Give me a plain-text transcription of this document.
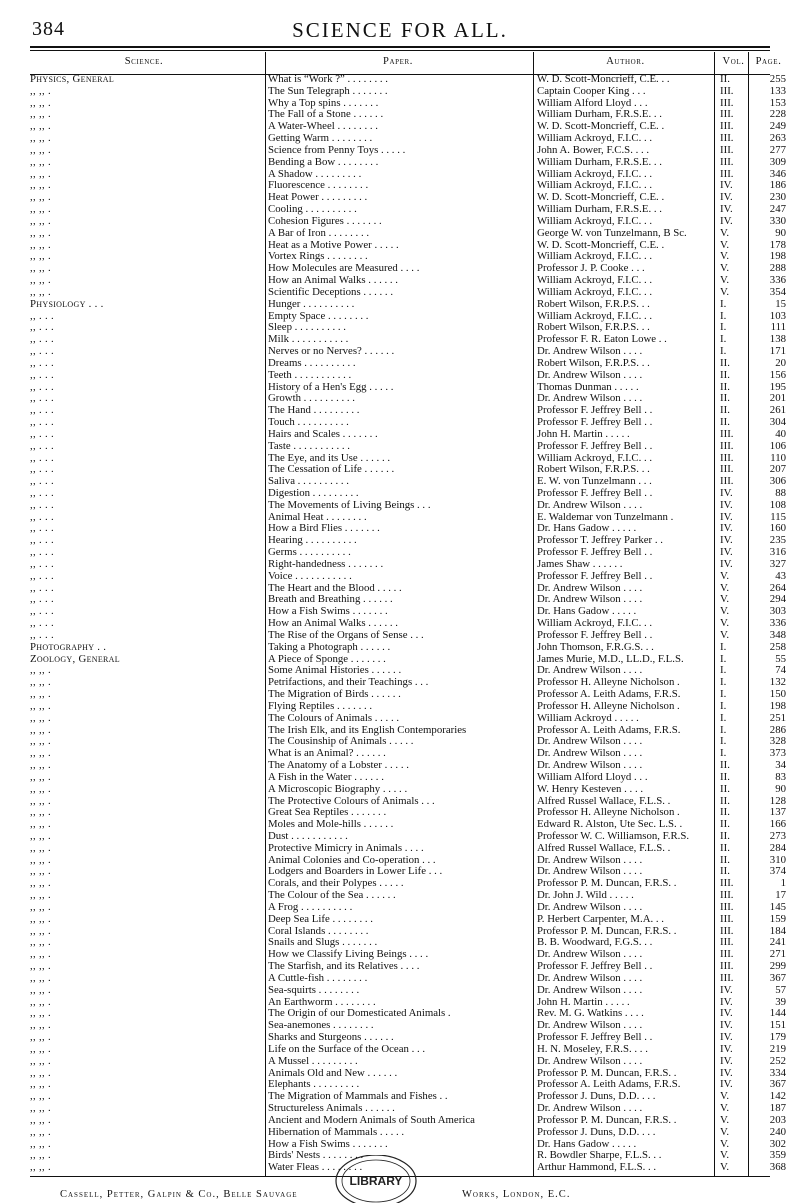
384	SCIENCE FOR ALL.
Science.	Paper.	Author.	Vol.	Page.
Physics, General	What is “Work ?” . . . . . . . .	W. D. Scott-Moncrieff, C.E. . .	II.	255
,, ,, .	The Sun Telegraph . . . . . . .	Captain Cooper King . . .	III.	133
,, ,, .	Why a Top spins . . . . . . .	William Alford Lloyd . . .	III.	153
,, ,, .	The Fall of a Stone . . . . . .	William Durham, F.R.S.E. . .	III.	228
,, ,, .	A Water-Wheel . . . . . . . .	W. D. Scott-Moncrieff, C.E. .	III.	249
,, ,, .	Getting Warm . . . . . . . .	William Ackroyd, F.I.C. . .	III.	263
,, ,, .	Science from Penny Toys . . . . .	John A. Bower, F.C.S. . . .	III.	277
,, ,, .	Bending a Bow . . . . . . . .	William Durham, F.R.S.E. . .	III.	309
,, ,, .	A Shadow . . . . . . . . .	William Ackroyd, F.I.C. . .	III.	346
,, ,, .	Fluorescence . . . . . . . .	William Ackroyd, F.I.C. . .	IV.	186
,, ,, .	Heat Power . . . . . . . . .	W. D. Scott-Moncrieff, C.E. .	IV.	230
,, ,, .	Cooling . . . . . . . . . .	William Durham, F.R.S.E. . .	IV.	247
,, ,, .	Cohesion Figures . . . . . . .	William Ackroyd, F.I.C. . .	IV.	330
,, ,, .	A Bar of Iron . . . . . . . .	George W. von Tunzelmann, B Sc.	V.	90
,, ,, .	Heat as a Motive Power . . . . .	W. D. Scott-Moncrieff, C.E. .	V.	178
,, ,, .	Vortex Rings . . . . . . . .	William Ackroyd, F.I.C. . .	V.	198
,, ,, .	How Molecules are Measured . . . .	Professor J. P. Cooke . . .	V.	288
,, ,, .	How an Animal Walks . . . . . .	William Ackroyd, F.I.C. . .	V.	336
,, ,, .	Scientific Deceptions . . . . . .	William Ackroyd, F.I.C. . .	V.	354
Physiology . . .	Hunger . . . . . . . . . .	Robert Wilson, F.R.P.S. . .	I.	15
,, . . .	Empty Space . . . . . . . .	William Ackroyd, F.I.C. . .	I.	103
,, . . .	Sleep . . . . . . . . . .	Robert Wilson, F.R.P.S. . .	I.	111
,, . . .	Milk . . . . . . . . . . .	Professor F. R. Eaton Lowe . .	I.	138
,, . . .	Nerves or no Nerves? . . . . . .	Dr. Andrew Wilson . . . .	I.	171
,, . . .	Dreams . . . . . . . . . .	Robert Wilson, F.R.P.S. . .	II.	20
,, . . .	Teeth . . . . . . . . . . .	Dr. Andrew Wilson . . . .	II.	156
,, . . .	History of a Hen's Egg . . . . .	Thomas Dunman . . . . .	II.	195
,, . . .	Growth . . . . . . . . . .	Dr. Andrew Wilson . . . .	II.	201
,, . . .	The Hand . . . . . . . . .	Professor F. Jeffrey Bell . .	II.	261
,, . . .	Touch . . . . . . . . . .	Professor F. Jeffrey Bell . .	II.	304
,, . . .	Hairs and Scales . . . . . . .	John H. Martin . . . . .	III.	40
,, . . .	Taste . . . . . . . . . . .	Professor F. Jeffrey Bell . .	III.	106
,, . . .	The Eye, and its Use . . . . . .	William Ackroyd, F.I.C. . .	III.	110
,, . . .	The Cessation of Life . . . . . .	Robert Wilson, F.R.P.S. . .	III.	207
,, . . .	Saliva . . . . . . . . . .	E. W. von Tunzelmann . . .	III.	306
,, . . .	Digestion . . . . . . . . .	Professor F. Jeffrey Bell . .	IV.	88
,, . . .	The Movements of Living Beings . . .	Dr. Andrew Wilson . . . .	IV.	108
,, . . .	Animal Heat . . . . . . . .	E. Waldemar von Tunzelmann .	IV.	115
,, . . .	How a Bird Flies . . . . . . .	Dr. Hans Gadow . . . . .	IV.	160
,, . . .	Hearing . . . . . . . . . .	Professor T. Jeffrey Parker . .	IV.	235
,, . . .	Germs . . . . . . . . . .	Professor F. Jeffrey Bell . .	IV.	316
,, . . .	Right-handedness . . . . . . .	James Shaw . . . . . .	IV.	327
,, . . .	Voice . . . . . . . . . . .	Professor F. Jeffrey Bell . .	V.	43
,, . . .	The Heart and the Blood . . . . .	Dr. Andrew Wilson . . . .	V.	264
,, . . .	Breath and Breathing . . . . . .	Dr. Andrew Wilson . . . .	V.	294
,, . . .	How a Fish Swims . . . . . . .	Dr. Hans Gadow . . . . .	V.	303
,, . . .	How an Animal Walks . . . . . .	William Ackroyd, F.I.C. . .	V.	336
,, . . .	The Rise of the Organs of Sense . . .	Professor F. Jeffrey Bell . .	V.	348
Photography . .	Taking a Photograph . . . . . .	John Thomson, F.R.G.S. . .	I.	258
Zoology, General	A Piece of Sponge . . . . . . .	James Murie, M.D., LL.D., F.L.S.	I.	55
,, ,, .	Some Animal Histories . . . . . .	Dr. Andrew Wilson . . . .	I.	74
,, ,, .	Petrifactions, and their Teachings . . .	Professor H. Alleyne Nicholson .	I.	132
,, ,, .	The Migration of Birds . . . . . .	Professor A. Leith Adams, F.R.S.	I.	150
,, ,, .	Flying Reptiles . . . . . . .	Professor H. Alleyne Nicholson .	I.	198
,, ,, .	The Colours of Animals . . . . .	William Ackroyd . . . . .	I.	251
,, ,, .	The Irish Elk, and its English Contemporaries	Professor A. Leith Adams, F.R.S.	I.	286
,, ,, .	The Cousinship of Animals . . . . .	Dr. Andrew Wilson . . . .	I.	328
,, ,, .	What is an Animal? . . . . . .	Dr. Andrew Wilson . . . .	I.	373
,, ,, .	The Anatomy of a Lobster . . . . .	Dr. Andrew Wilson . . . .	II.	34
,, ,, .	A Fish in the Water . . . . . .	William Alford Lloyd . . .	II.	83
,, ,, .	A Microscopic Biography . . . . .	W. Henry Kesteven . . . .	II.	90
,, ,, .	The Protective Colours of Animals . . .	Alfred Russel Wallace, F.L.S. .	II.	128
,, ,, .	Great Sea Reptiles . . . . . . .	Professor H. Alleyne Nicholson .	II.	137
,, ,, .	Moles and Mole-hills . . . . . .	Edward R. Alston, Ute Sec. L.S. .	II.	166
,, ,, .	Dust . . . . . . . . . . .	Professor W. C. Williamson, F.R.S.	II.	273
,, ,, .	Protective Mimicry in Animals . . . .	Alfred Russel Wallace, F.L.S. .	II.	284
,, ,, .	Animal Colonies and Co-operation . . .	Dr. Andrew Wilson . . . .	II.	310
,, ,, .	Lodgers and Boarders in Lower Life . . .	Dr. Andrew Wilson . . . .	II.	374
,, ,, .	Corals, and their Polypes . . . . .	Professor P. M. Duncan, F.R.S. .	III.	1
,, ,, .	The Colour of the Sea . . . . . .	Dr. John J. Wild . . . . .	III.	17
,, ,, .	A Frog . . . . . . . . . .	Dr. Andrew Wilson . . . .	III.	145
,, ,, .	Deep Sea Life . . . . . . . .	P. Herbert Carpenter, M.A. . .	III.	159
,, ,, .	Coral Islands . . . . . . . .	Professor P. M. Duncan, F.R.S. .	III.	184
,, ,, .	Snails and Slugs . . . . . . .	B. B. Woodward, F.G.S. . .	III.	241
,, ,, .	How we Classify Living Beings . . . .	Dr. Andrew Wilson . . . .	III.	271
,, ,, .	The Starfish, and its Relatives . . . .	Professor F. Jeffrey Bell . .	III.	299
,, ,, .	A Cuttle-fish . . . . . . . .	Dr. Andrew Wilson . . . .	III.	367
,, ,, .	Sea-squirts . . . . . . . .	Dr. Andrew Wilson . . . .	IV.	57
,, ,, .	An Earthworm . . . . . . . .	John H. Martin . . . . .	IV.	39
,, ,, .	The Origin of our Domesticated Animals .	Rev. M. G. Watkins . . . .	IV.	144
,, ,, .	Sea-anemones . . . . . . . .	Dr. Andrew Wilson . . . .	IV.	151
,, ,, .	Sharks and Sturgeons . . . . . .	Professor F. Jeffrey Bell . .	IV.	179
,, ,, .	Life on the Surface of the Ocean . . .	H. N. Moseley, F.R.S. . . .	IV.	219
,, ,, .	A Mussel . . . . . . . . .	Dr. Andrew Wilson . . . .	IV.	252
,, ,, .	Animals Old and New . . . . . .	Professor P. M. Duncan, F.R.S. .	IV.	334
,, ,, .	Elephants . . . . . . . . .	Professor A. Leith Adams, F.R.S.	IV.	367
,, ,, .	The Migration of Mammals and Fishes . .	Professor J. Duns, D.D. . . .	V.	142
,, ,, .	Structureless Animals . . . . . .	Dr. Andrew Wilson . . . .	V.	187
,, ,, .	Ancient and Modern Animals of South America	Professor P. M. Duncan, F.R.S. .	V.	203
,, ,, .	Hibernation of Mammals . . . . .	Professor J. Duns, D.D. . . .	V.	240
,, ,, .	How a Fish Swims . . . . . . .	Dr. Hans Gadow . . . . .	V.	302
,, ,, .	Birds' Nests . . . . . . . .	R. Bowdler Sharpe, F.L.S. . .	V.	359
,, ,, .	Water Fleas . . . . . . . .	Arthur Hammond, F.L.S. . .	V.	368
LIBRARY
Cassell, Petter, Galpin & Co., Belle Sauvage	Works, London, E.C.
